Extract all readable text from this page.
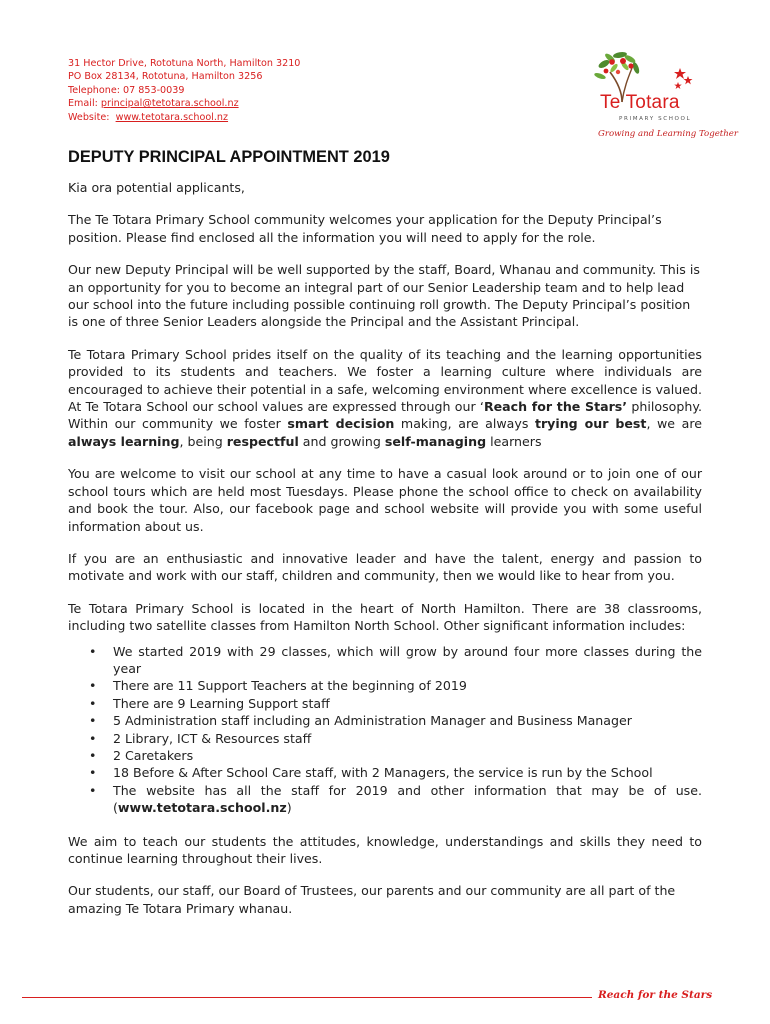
31 Hector Drive, Rototuna North, Hamilton 3210
PO Box 28134, Rototuna, Hamilton 3256
Telephone: 07 853-0039
Email: principal@tetotara.school.nz
Website: www.tetotara.school.nz
Te Totara
PRIMARY SCHOOL
Growing and Learning Together
DEPUTY PRINCIPAL APPOINTMENT 2019

Kia ora potential applicants,

The Te Totara Primary School community welcomes your application for the Deputy Principal’s position. Please find enclosed all the information you will need to apply for the role.

Our new Deputy Principal will be well supported by the staff, Board, Whanau and community. This is an opportunity for you to become an integral part of our Senior Leadership team and to help lead our school into the future including possible continuing roll growth. The Deputy Principal’s position is one of three Senior Leaders alongside the Principal and the Assistant Principal.

Te Totara Primary School prides itself on the quality of its teaching and the learning opportunities provided to its students and teachers. We foster a learning culture where individuals are encouraged to achieve their potential in a safe, welcoming environment where excellence is valued. At Te Totara School our school values are expressed through our ‘Reach for the Stars’ philosophy. Within our community we foster smart decision making, are always trying our best, we are always learning, being respectful and growing self-managing learners

You are welcome to visit our school at any time to have a casual look around or to join one of our school tours which are held most Tuesdays. Please phone the school office to check on availability and book the tour. Also, our facebook page and school website will provide you with some useful information about us.

If you are an enthusiastic and innovative leader and have the talent, energy and passion to motivate and work with our staff, children and community, then we would like to hear from you.

Te Totara Primary School is located in the heart of North Hamilton. There are 38 classrooms, including two satellite classes from Hamilton North School. Other significant information includes:

• We started 2019 with 29 classes, which will grow by around four more classes during the year
• There are 11 Support Teachers at the beginning of 2019
• There are 9 Learning Support staff
• 5 Administration staff including an Administration Manager and Business Manager
• 2 Library, ICT & Resources staff
• 2 Caretakers
• 18 Before & After School Care staff, with 2 Managers, the service is run by the School
• The website has all the staff for 2019 and other information that may be of use. (www.tetotara.school.nz)

We aim to teach our students the attitudes, knowledge, understandings and skills they need to continue learning throughout their lives.

Our students, our staff, our Board of Trustees, our parents and our community are all part of the amazing Te Totara Primary whanau.

Reach for the Stars
